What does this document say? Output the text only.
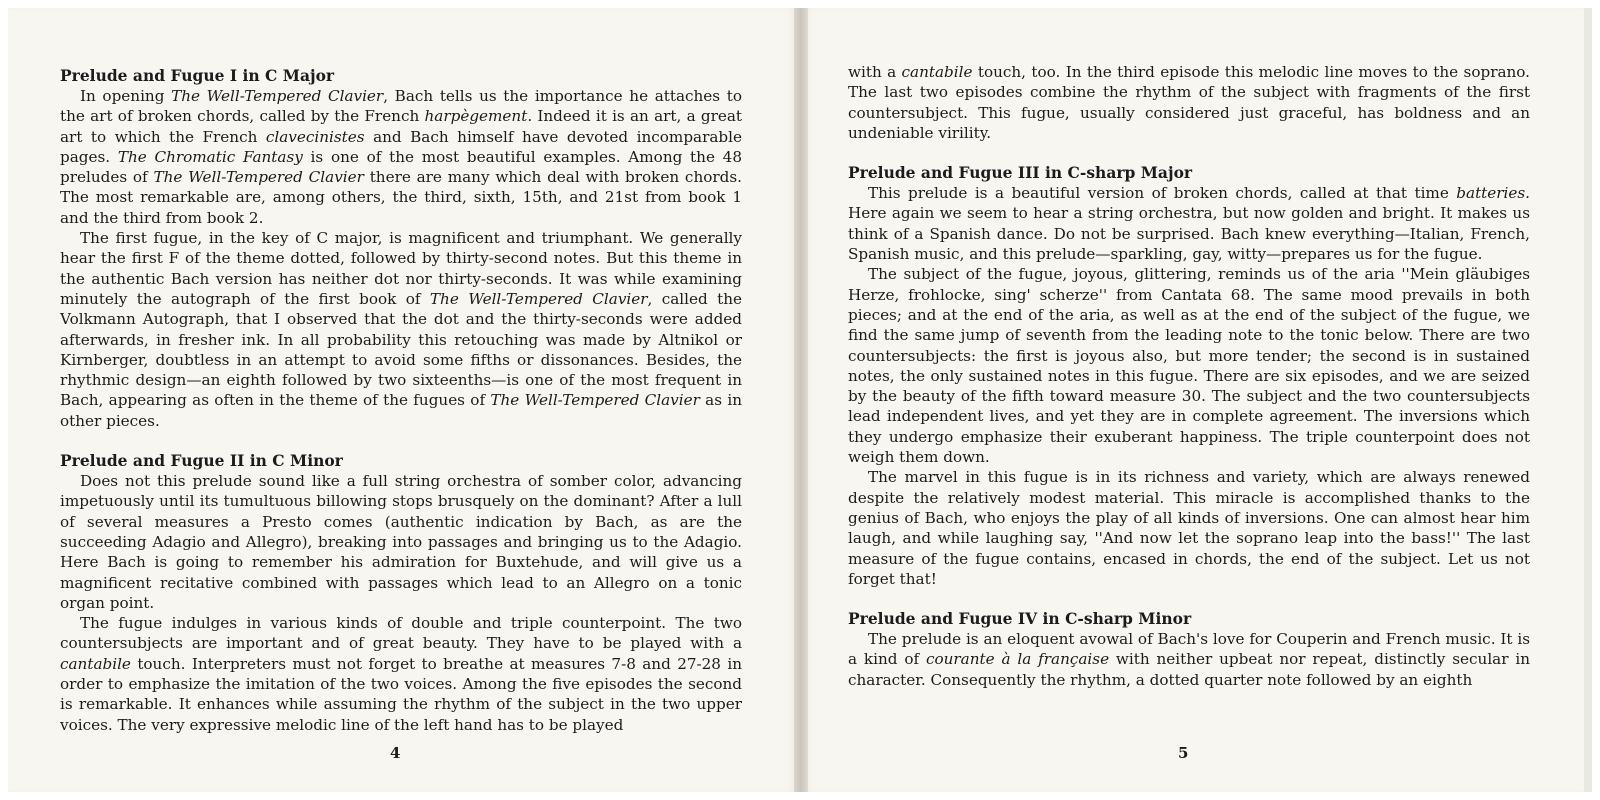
Prelude and Fugue I in C Major

In opening The Well-Tempered Clavier, Bach tells us the importance he attaches to the art of broken chords, called by the French harpègement. Indeed it is an art, a great art to which the French clavecinistes and Bach himself have devoted incomparable pages. The Chromatic Fantasy is one of the most beautiful examples. Among the 48 preludes of The Well-Tempered Clavier there are many which deal with broken chords. The most remarkable are, among others, the third, sixth, 15th, and 21st from book 1 and the third from book 2.

The first fugue, in the key of C major, is magnificent and triumphant. We generally hear the first F of the theme dotted, followed by thirty-second notes. But this theme in the authentic Bach version has neither dot nor thirty-seconds. It was while examining minutely the autograph of the first book of The Well-Tempered Clavier, called the Volkmann Autograph, that I observed that the dot and the thirty-seconds were added afterwards, in fresher ink. In all probability this retouching was made by Altnikol or Kirnberger, doubtless in an attempt to avoid some fifths or dissonances. Besides, the rhythmic design—an eighth followed by two sixteenths—is one of the most frequent in Bach, appearing as often in the theme of the fugues of The Well-Tempered Clavier as in other pieces.

Prelude and Fugue II in C Minor

Does not this prelude sound like a full string orchestra of somber color, advancing impetuously until its tumultuous billowing stops brusquely on the dominant? After a lull of several measures a Presto comes (authentic indication by Bach, as are the succeeding Adagio and Allegro), breaking into passages and bringing us to the Adagio. Here Bach is going to remember his admiration for Buxtehude, and will give us a magnificent recitative combined with passages which lead to an Allegro on a tonic organ point.

The fugue indulges in various kinds of double and triple counterpoint. The two countersubjects are important and of great beauty. They have to be played with a cantabile touch. Interpreters must not forget to breathe at measures 7-8 and 27-28 in order to emphasize the imitation of the two voices. Among the five episodes the second is remarkable. It enhances while assuming the rhythm of the subject in the two upper voices. The very expressive melodic line of the left hand has to be played

4

with a cantabile touch, too. In the third episode this melodic line moves to the soprano. The last two episodes combine the rhythm of the subject with fragments of the first countersubject. This fugue, usually considered just graceful, has boldness and an undeniable virility.

Prelude and Fugue III in C-sharp Major

This prelude is a beautiful version of broken chords, called at that time batteries. Here again we seem to hear a string orchestra, but now golden and bright. It makes us think of a Spanish dance. Do not be surprised. Bach knew everything—Italian, French, Spanish music, and this prelude—sparkling, gay, witty—prepares us for the fugue.

The subject of the fugue, joyous, glittering, reminds us of the aria ''Mein gläubiges Herze, frohlocke, sing' scherze'' from Cantata 68. The same mood prevails in both pieces; and at the end of the aria, as well as at the end of the subject of the fugue, we find the same jump of seventh from the leading note to the tonic below. There are two countersubjects: the first is joyous also, but more tender; the second is in sustained notes, the only sustained notes in this fugue. There are six episodes, and we are seized by the beauty of the fifth toward measure 30. The subject and the two countersubjects lead independent lives, and yet they are in complete agreement. The inversions which they undergo emphasize their exuberant happiness. The triple counterpoint does not weigh them down.

The marvel in this fugue is in its richness and variety, which are always renewed despite the relatively modest material. This miracle is accomplished thanks to the genius of Bach, who enjoys the play of all kinds of inversions. One can almost hear him laugh, and while laughing say, ''And now let the soprano leap into the bass!'' The last measure of the fugue contains, encased in chords, the end of the subject. Let us not forget that!

Prelude and Fugue IV in C-sharp Minor

The prelude is an eloquent avowal of Bach's love for Couperin and French music. It is a kind of courante à la française with neither upbeat nor repeat, distinctly secular in character. Consequently the rhythm, a dotted quarter note followed by an eighth

5
